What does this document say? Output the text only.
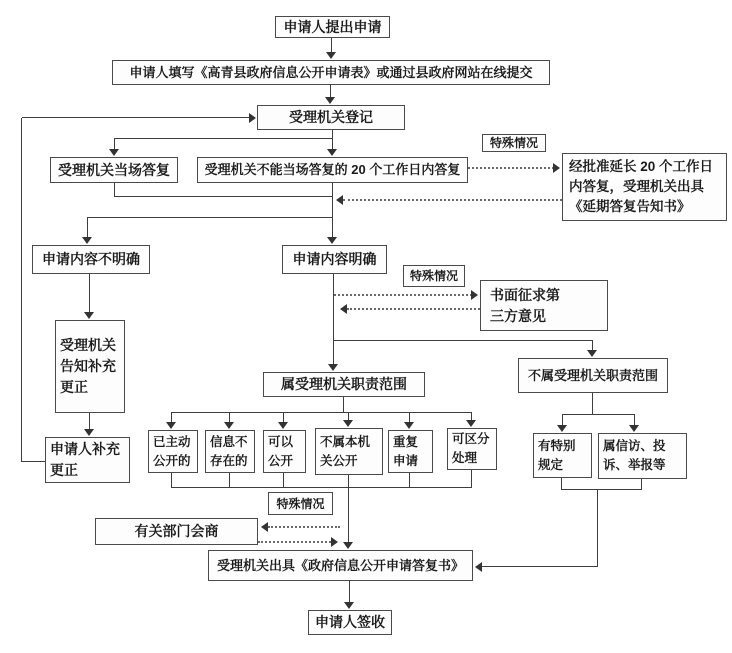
申请人提出申请
申请人填写《高青县政府信息公开申请表》或通过县政府网站在线提交
受理机关登记
受理机关当场答复	受理机关不能当场答复的 20 个工作日内答复
特殊情况
经批准延长 20 个工作日内答复，受理机关出具《延期答复告知书》
申请内容不明确	申请内容明确
特殊情况
书面征求第三方意见
受理机关告知补充更正
申请人补充更正
属受理机关职责范围
不属受理机关职责范围
已主动公开的
信息不存在的
可以公开
不属本机关公开
重复申请
可区分处理
有特别规定
属信访、投诉、举报等
特殊情况
有关部门会商
受理机关出具《政府信息公开申请答复书》
申请人签收
